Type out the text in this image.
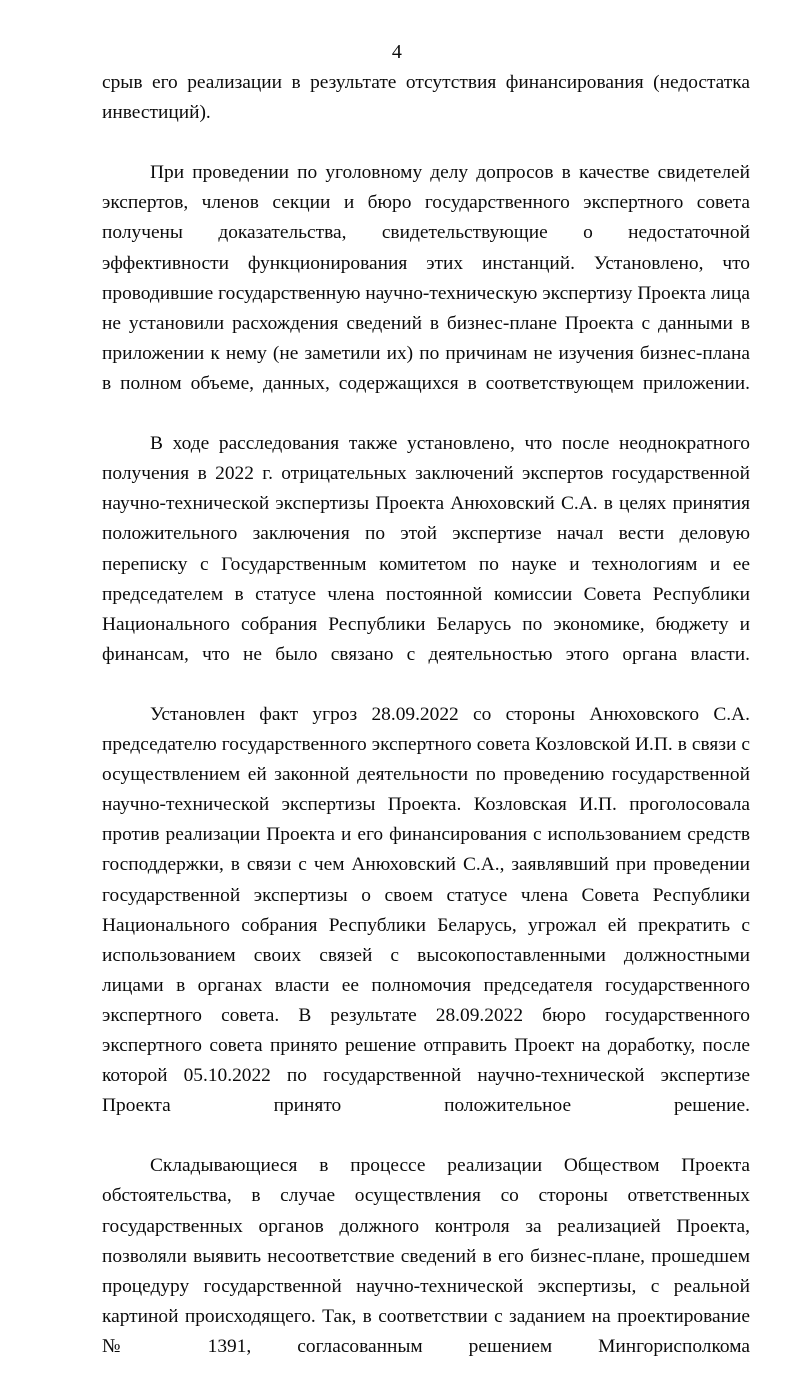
4

срыв его реализации в результате отсутствия финансирования (недостатка инвестиций).

При проведении по уголовному делу допросов в качестве свидетелей экспертов, членов секции и бюро государственного экспертного совета получены доказательства, свидетельствующие о недостаточной эффективности функционирования этих инстанций. Установлено, что проводившие государственную научно-техническую экспертизу Проекта лица не установили расхождения сведений в бизнес-плане Проекта с данными в приложении к нему (не заметили их) по причинам не изучения бизнес-плана в полном объеме, данных, содержащихся в соответствующем приложении.

В ходе расследования также установлено, что после неоднократного получения в 2022 г. отрицательных заключений экспертов государственной научно-технической экспертизы Проекта Анюховский С.А. в целях принятия положительного заключения по этой экспертизе начал вести деловую переписку с Государственным комитетом по науке и технологиям и ее председателем в статусе члена постоянной комиссии Совета Республики Национального собрания Республики Беларусь по экономике, бюджету и финансам, что не было связано с деятельностью этого органа власти.

Установлен факт угроз 28.09.2022 со стороны Анюховского С.А. председателю государственного экспертного совета Козловской И.П. в связи с осуществлением ей законной деятельности по проведению государственной научно-технической экспертизы Проекта. Козловская И.П. проголосовала против реализации Проекта и его финансирования с использованием средств господдержки, в связи с чем Анюховский С.А., заявлявший при проведении государственной экспертизы о своем статусе члена Совета Республики Национального собрания Республики Беларусь, угрожал ей прекратить с использованием своих связей с высокопоставленными должностными лицами в органах власти ее полномочия председателя государственного экспертного совета. В результате 28.09.2022 бюро государственного экспертного совета принято решение отправить Проект на доработку, после которой 05.10.2022 по государственной научно-технической экспертизе Проекта принято положительное решение.

Складывающиеся в процессе реализации Обществом Проекта обстоятельства, в случае осуществления со стороны ответственных государственных органов должного контроля за реализацией Проекта, позволяли выявить несоответствие сведений в его бизнес-плане, прошедшем процедуру государственной научно-технической экспертизы, с реальной картиной происходящего. Так, в соответствии с заданием на проектирование № 1391, согласованным решением Мингорисполкома
